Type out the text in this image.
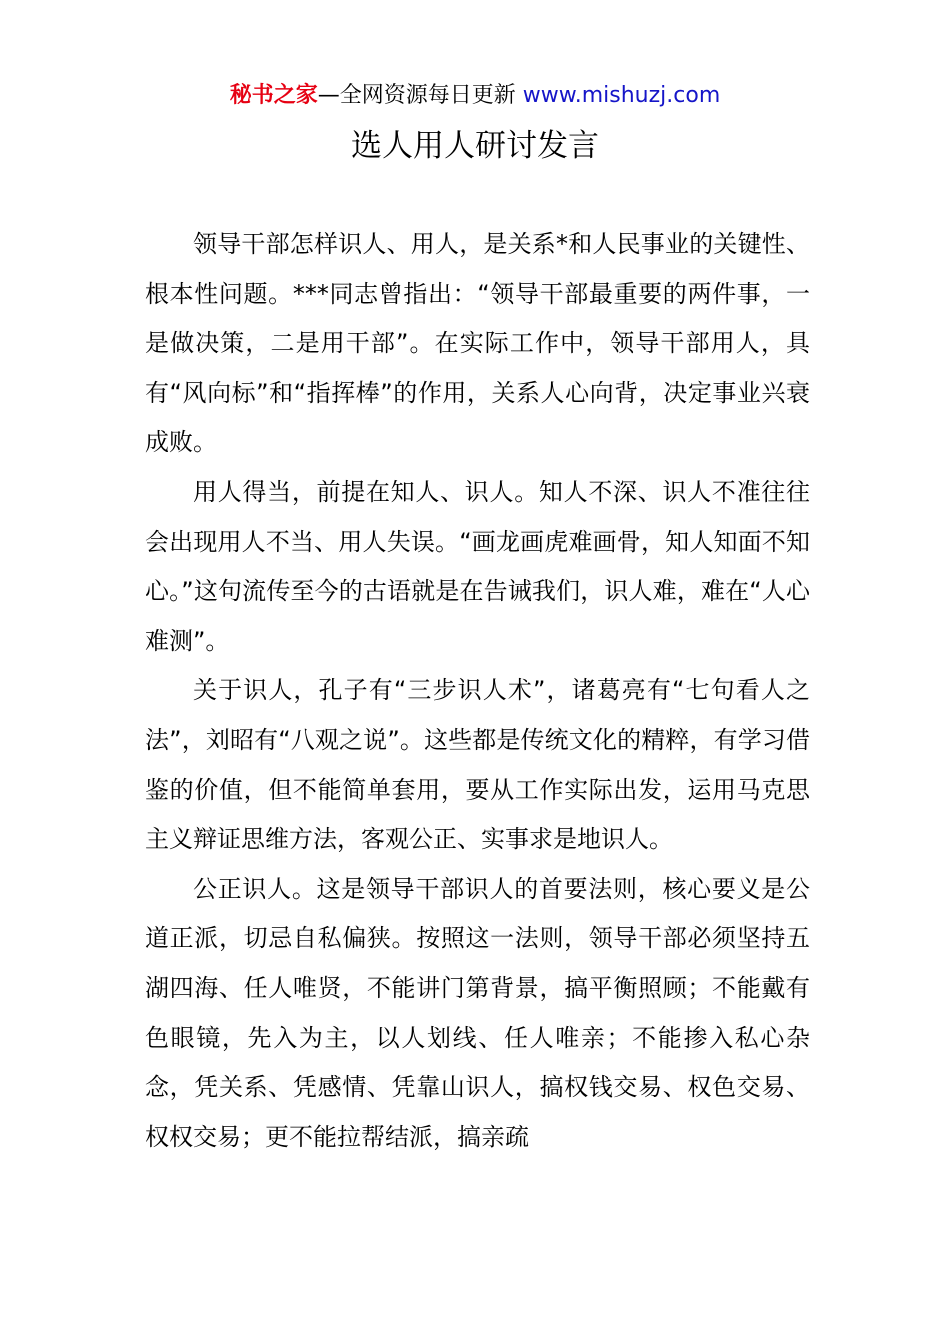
秘书之家—全网资源每日更新 www.mishuzj.com
选人用人研讨发言

领导干部怎样识人、用人，是关系*和人民事业的关键性、根本性问题。***同志曾指出：“领导干部最重要的两件事，一是做决策，二是用干部”。在实际工作中，领导干部用人，具有“风向标”和“指挥棒”的作用，关系人心向背，决定事业兴衰成败。

用人得当，前提在知人、识人。知人不深、识人不准往往会出现用人不当、用人失误。“画龙画虎难画骨，知人知面不知心。”这句流传至今的古语就是在告诫我们，识人难，难在“人心难测”。

关于识人，孔子有“三步识人术”，诸葛亮有“七句看人之法”，刘昭有“八观之说”。这些都是传统文化的精粹，有学习借鉴的价值，但不能简单套用，要从工作实际出发，运用马克思主义辩证思维方法，客观公正、实事求是地识人。

公正识人。这是领导干部识人的首要法则，核心要义是公道正派，切忌自私偏狭。按照这一法则，领导干部必须坚持五湖四海、任人唯贤，不能讲门第背景，搞平衡照顾；不能戴有色眼镜，先入为主，以人划线、任人唯亲；不能掺入私心杂念，凭关系、凭感情、凭靠山识人，搞权钱交易、权色交易、权权交易；更不能拉帮结派，搞亲疏
